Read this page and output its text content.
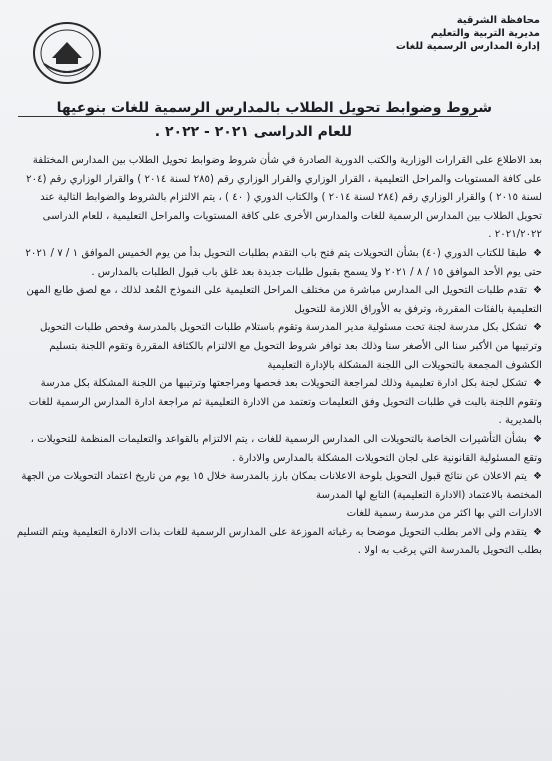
محافظة الشرقية
مديرية التربية والتعليم
إدارة المدارس الرسمية للغات
شروط وضوابط تحويل الطلاب بالمدارس الرسمية للغات بنوعيها
للعام الدراسى ٢٠٢١ - ٢٠٢٢ .

بعد الاطلاع على القرارات الوزارية والكتب الدورية الصادرة في شأن شروط وضوابط تحويل الطلاب بين المدارس المختلفة على كافة المستويات والمراحل التعليمية ، القرار الوزاري والقرار الوزاري رقم (٢٨٥ لسنة ٢٠١٤ ) والقرار الوزاري رقم (٢٠٤ لسنة ٢٠١٥ ) والقرار الوزاري رقم (٢٨٤ لسنة ٢٠١٤ ) والكتاب الدوري ( ٤٠ ) ، يتم الالتزام بالشروط والضوابط التالية عند تحويل الطلاب بين المدارس الرسمية للغات والمدارس الأخرى على كافة المستويات والمراحل التعليمية ، للعام الدراسى ٢٠٢١/٢٠٢٢ .

❖طبقا للكتاب الدوري (٤٠) بشأن التحويلات يتم فتح باب التقدم بطلبات التحويل بدأ من يوم الخميس الموافق ١ / ٧ / ٢٠٢١ حتى يوم الأحد الموافق ١٥ / ٨ / ٢٠٢١ ولا يسمح بقبول طلبات جديدة بعد غلق باب قبول الطلبات بالمدارس .

❖تقدم طلبات التحويل الى المدارس مباشرة من مختلف المراحل التعليمية على النموذج المُعد لذلك ، مع لصق طابع المهن التعليمية بالفئات المقررة، وترفق به الأوراق اللازمة للتحويل

❖تشكل بكل مدرسة لجنة تحت مسئولية مدير المدرسة وتقوم باستلام طلبات التحويل بالمدرسة وفحص طلبات التحويل وترتيبها من الأكبر سنا الى الأصغر سنا وذلك بعد توافر شروط التحويل مع الالتزام بالكثافة المقررة وتقوم اللجنة بتسليم الكشوف المجمعة بالتحويلات الى اللجنة المشكلة بالإدارة التعليمية

❖تشكل لجنة بكل ادارة تعليمية وذلك لمراجعة التحويلات بعد فحصها ومراجعتها وترتيبها من اللجنة المشكلة بكل مدرسة وتقوم اللجنة بالبت في طلبات التحويل وفق التعليمات وتعتمد من الادارة التعليمية ثم مراجعة ادارة المدارس الرسمية للغات بالمديرية .

❖بشأن التأشيرات الخاصة بالتحويلات الى المدارس الرسمية للغات ، يتم الالتزام بالقواعد والتعليمات المنظمة للتحويلات ، وتقع المسئولية القانونية على لجان التحويلات المشكلة بالمدارس والادارة .

❖يتم الاعلان عن نتائج قبول التحويل بلوحة الاعلانات بمكان بارز بالمدرسة خلال ١٥ يوم من تاريخ اعتماد التحويلات من الجهة المختصة بالاعتماد (الادارة التعليمية) التابع لها المدرسة

الادارات التي بها اكثر من مدرسة رسمية للغات

❖يتقدم ولى الامر بطلب التحويل موضحا به رغباته الموزعة على المدارس الرسمية للغات بذات الادارة التعليمية ويتم التسليم بطلب التحويل بالمدرسة التي يرغب به اولا .
